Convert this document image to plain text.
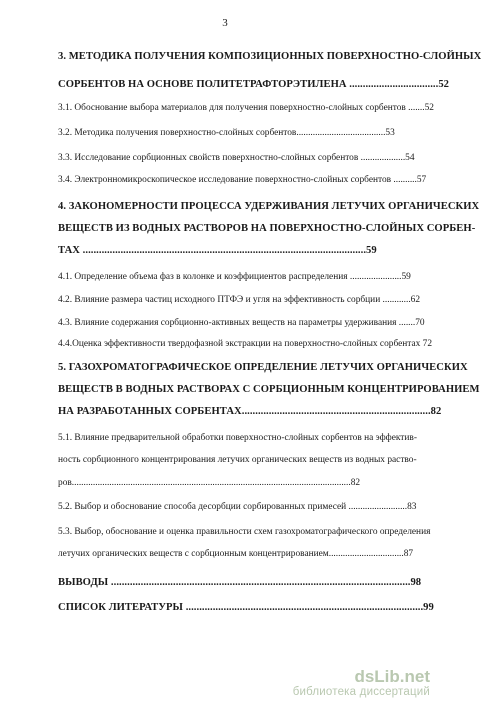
3
3. МЕТОДИКА ПОЛУЧЕНИЯ КОМПОЗИЦИОННЫХ ПОВЕРХНОСТНО-СЛОЙНЫХ
СОРБЕНТОВ НА ОСНОВЕ ПОЛИТЕТРАФТОРЭТИЛЕНА .................................52
3.1. Обоснование выбора материалов для получения поверхностно-слойных сорбентов .......52
3.2. Методика получения поверхностно-слойных сорбентов......................................53
3.3. Исследование сорбционных свойств поверхностно-слойных сорбентов ...................54
3.4. Электронномикроскопическое исследование поверхностно-слойных сорбентов ..........57
4. ЗАКОНОМЕРНОСТИ ПРОЦЕССА УДЕРЖИВАНИЯ ЛЕТУЧИХ ОРГАНИЧЕСКИХ
ВЕЩЕСТВ ИЗ ВОДНЫХ РАСТВОРОВ НА ПОВЕРХНОСТНО-СЛОЙНЫХ СОРБЕН-
ТАХ .........................................................................................................59
4.1. Определение объема фаз в колонке и коэффициентов распределения ......................59
4.2. Влияние размера частиц исходного ПТФЭ и угля на эффективность сорбции ............62
4.3. Влияние содержания сорбционно-активных веществ на параметры удерживания .......70
4.4.Оценка эффективности твердофазной экстракции на поверхностно-слойных сорбентах 72
5. ГАЗОХРОМАТОГРАФИЧЕСКОЕ ОПРЕДЕЛЕНИЕ ЛЕТУЧИХ ОРГАНИЧЕСКИХ
ВЕЩЕСТВ В ВОДНЫХ РАСТВОРАХ С СОРБЦИОННЫМ КОНЦЕНТРИРОВАНИЕМ
НА РАЗРАБОТАННЫХ СОРБЕНТАХ......................................................................82
5.1. Влияние предварительной обработки поверхностно-слойных сорбентов на эффектив-
ность сорбционного концентрирования летучих органических веществ из водных раство-
ров.......................................................................................................................82
5.2. Выбор и обоснование способа десорбции сорбированных примесей .........................83
5.3. Выбор, обоснование и оценка правильности схем газохроматографического определения
летучих органических веществ с сорбционным концентрированием................................87
ВЫВОДЫ ...............................................................................................................98
СПИСОК ЛИТЕРАТУРЫ ........................................................................................99
dsLib.net
библиотека диссертаций
